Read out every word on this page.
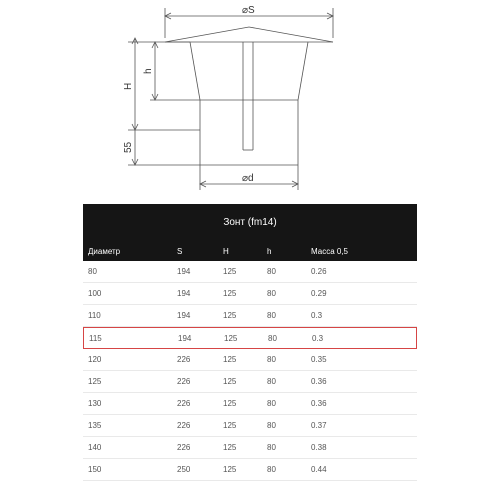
⌀S
⌀d
H
h
55
Зонт (fm14)
Диаметр	S	H	h	Масса 0,5
80	194	125	80	0.26
100	194	125	80	0.29
110	194	125	80	0.3
115	194	125	80	0.3
120	226	125	80	0.35
125	226	125	80	0.36
130	226	125	80	0.36
135	226	125	80	0.37
140	226	125	80	0.38
150	250	125	80	0.44
